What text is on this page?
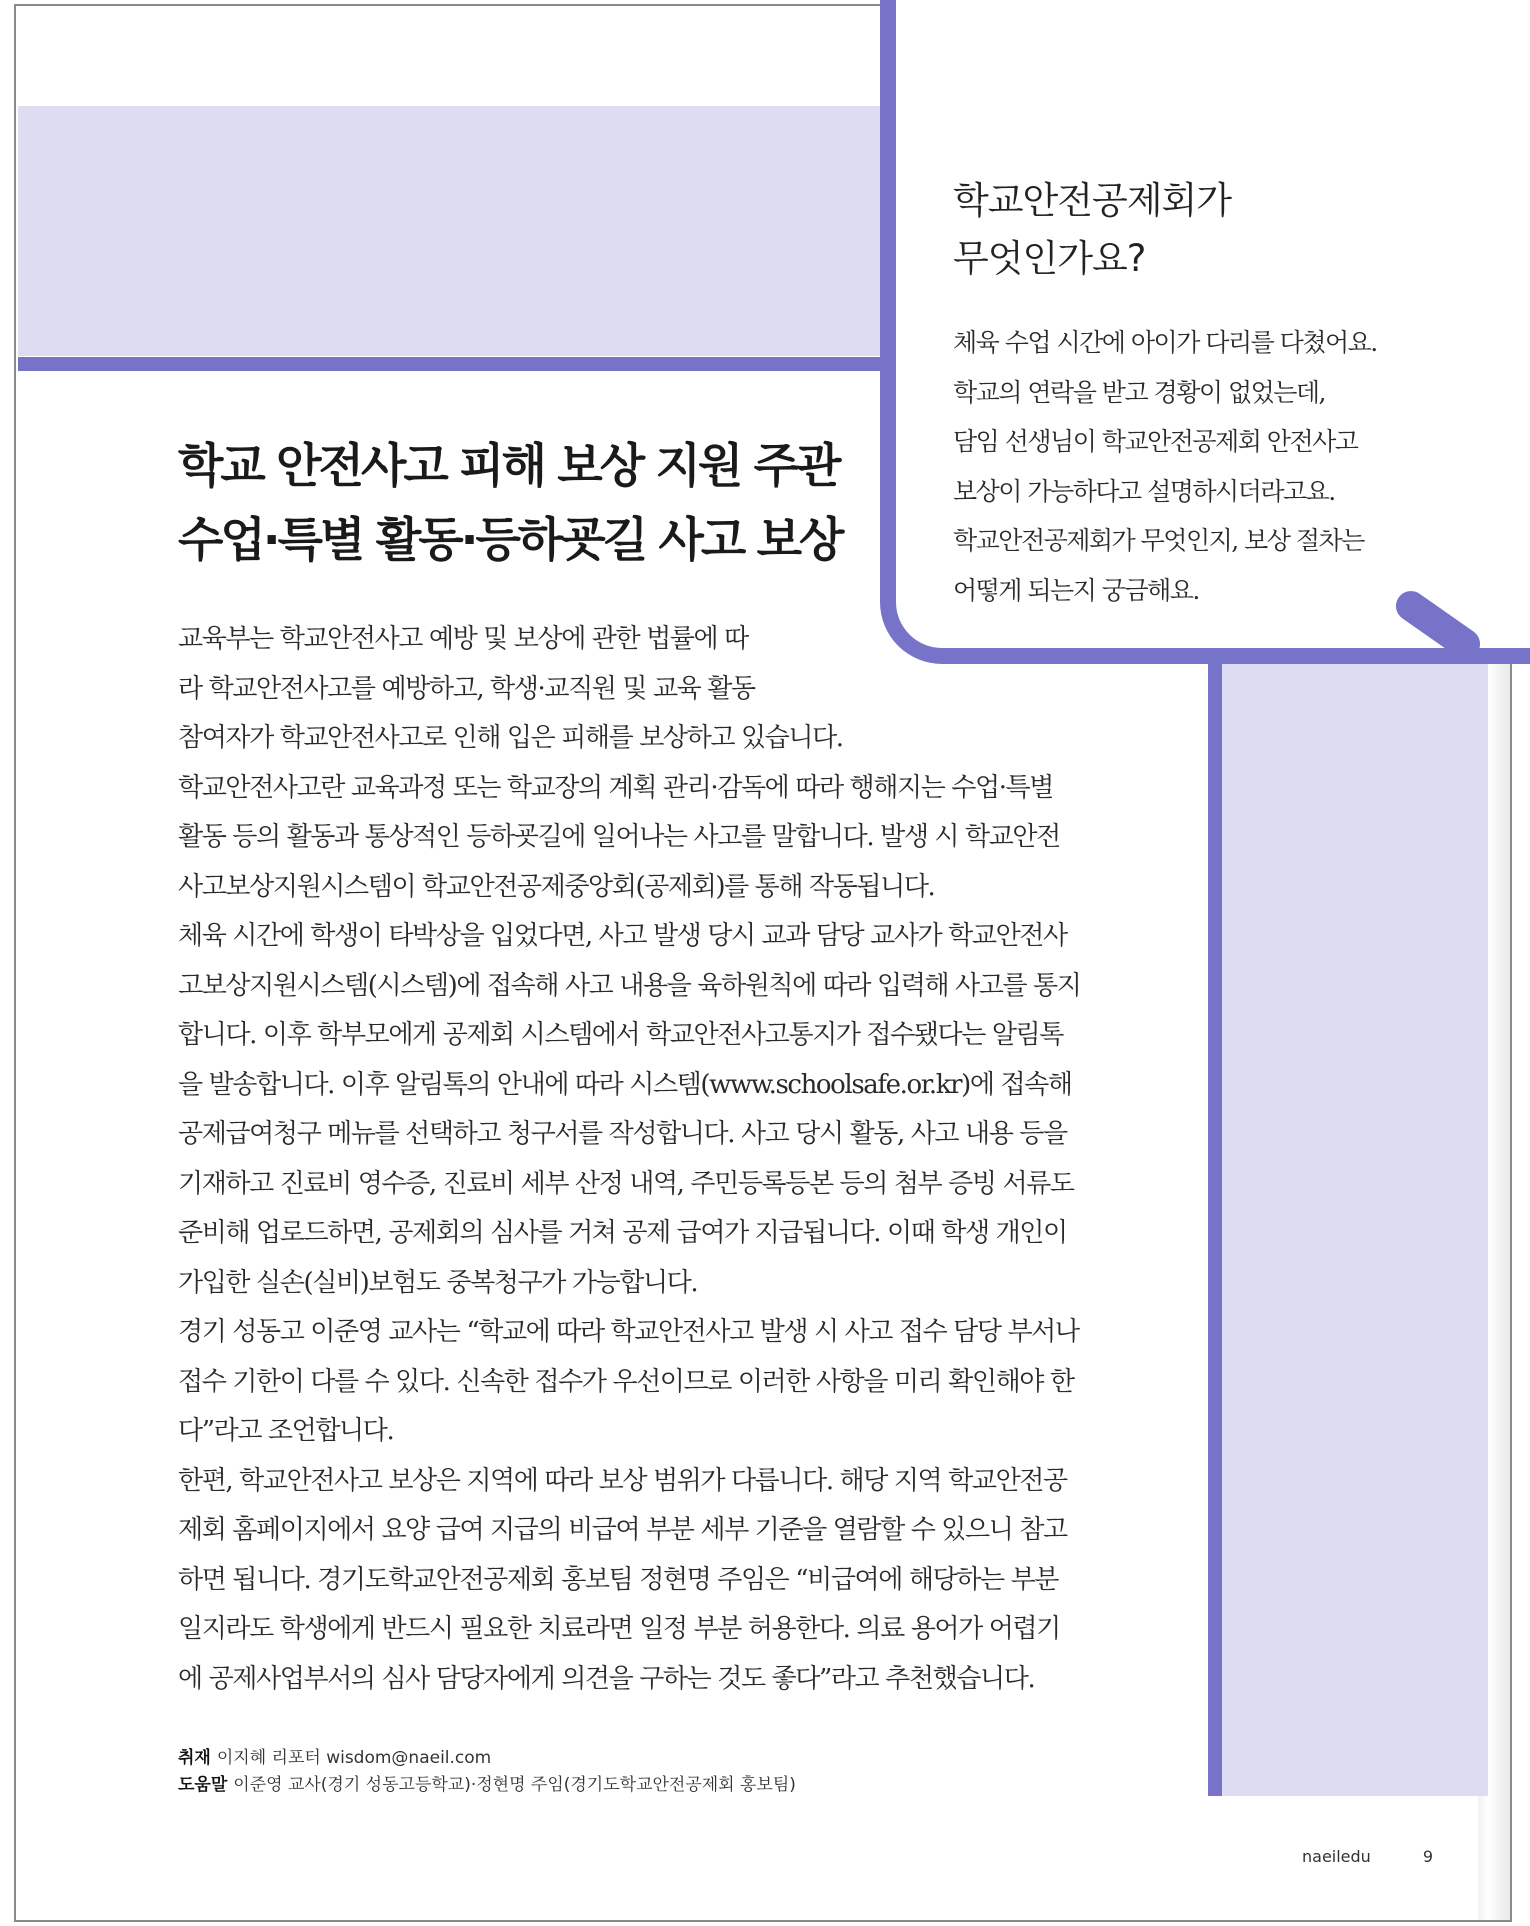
학교안전공제회가
무엇인가요?

체육 수업 시간에 아이가 다리를 다쳤어요.

학교의 연락을 받고 경황이 없었는데,

담임 선생님이 학교안전공제회 안전사고

보상이 가능하다고 설명하시더라고요.

학교안전공제회가 무엇인지, 보상 절차는

어떻게 되는지 궁금해요.

학교 안전사고 피해 보상 지원 주관
수업·특별 활동·등하굣길 사고 보상

교육부는 학교안전사고 예방 및 보상에 관한 법률에 따

라 학교안전사고를 예방하고, 학생·교직원 및 교육 활동

참여자가 학교안전사고로 인해 입은 피해를 보상하고 있습니다.

학교안전사고란 교육과정 또는 학교장의 계획 관리·감독에 따라 행해지는 수업·특별

활동 등의 활동과 통상적인 등하굣길에 일어나는 사고를 말합니다. 발생 시 학교안전

사고보상지원시스템이 학교안전공제중앙회(공제회)를 통해 작동됩니다.

체육 시간에 학생이 타박상을 입었다면, 사고 발생 당시 교과 담당 교사가 학교안전사

고보상지원시스템(시스템)에 접속해 사고 내용을 육하원칙에 따라 입력해 사고를 통지

합니다. 이후 학부모에게 공제회 시스템에서 학교안전사고통지가 접수됐다는 알림톡

을 발송합니다. 이후 알림톡의 안내에 따라 시스템(www.schoolsafe.or.kr)에 접속해

공제급여청구 메뉴를 선택하고 청구서를 작성합니다. 사고 당시 활동, 사고 내용 등을

기재하고 진료비 영수증, 진료비 세부 산정 내역, 주민등록등본 등의 첨부 증빙 서류도

준비해 업로드하면, 공제회의 심사를 거쳐 공제 급여가 지급됩니다. 이때 학생 개인이

가입한 실손(실비)보험도 중복청구가 가능합니다.

경기 성동고 이준영 교사는 “학교에 따라 학교안전사고 발생 시 사고 접수 담당 부서나

접수 기한이 다를 수 있다. 신속한 접수가 우선이므로 이러한 사항을 미리 확인해야 한

다”라고 조언합니다.

한편, 학교안전사고 보상은 지역에 따라 보상 범위가 다릅니다. 해당 지역 학교안전공

제회 홈페이지에서 요양 급여 지급의 비급여 부분 세부 기준을 열람할 수 있으니 참고

하면 됩니다. 경기도학교안전공제회 홍보팀 정현명 주임은 “비급여에 해당하는 부분

일지라도 학생에게 반드시 필요한 치료라면 일정 부분 허용한다. 의료 용어가 어렵기

에 공제사업부서의 심사 담당자에게 의견을 구하는 것도 좋다”라고 추천했습니다.

취재 이지혜 리포터 wisdom@naeil.com
도움말 이준영 교사(경기 성동고등학교)·정현명 주임(경기도학교안전공제회 홍보팀)
naeiledu	9
